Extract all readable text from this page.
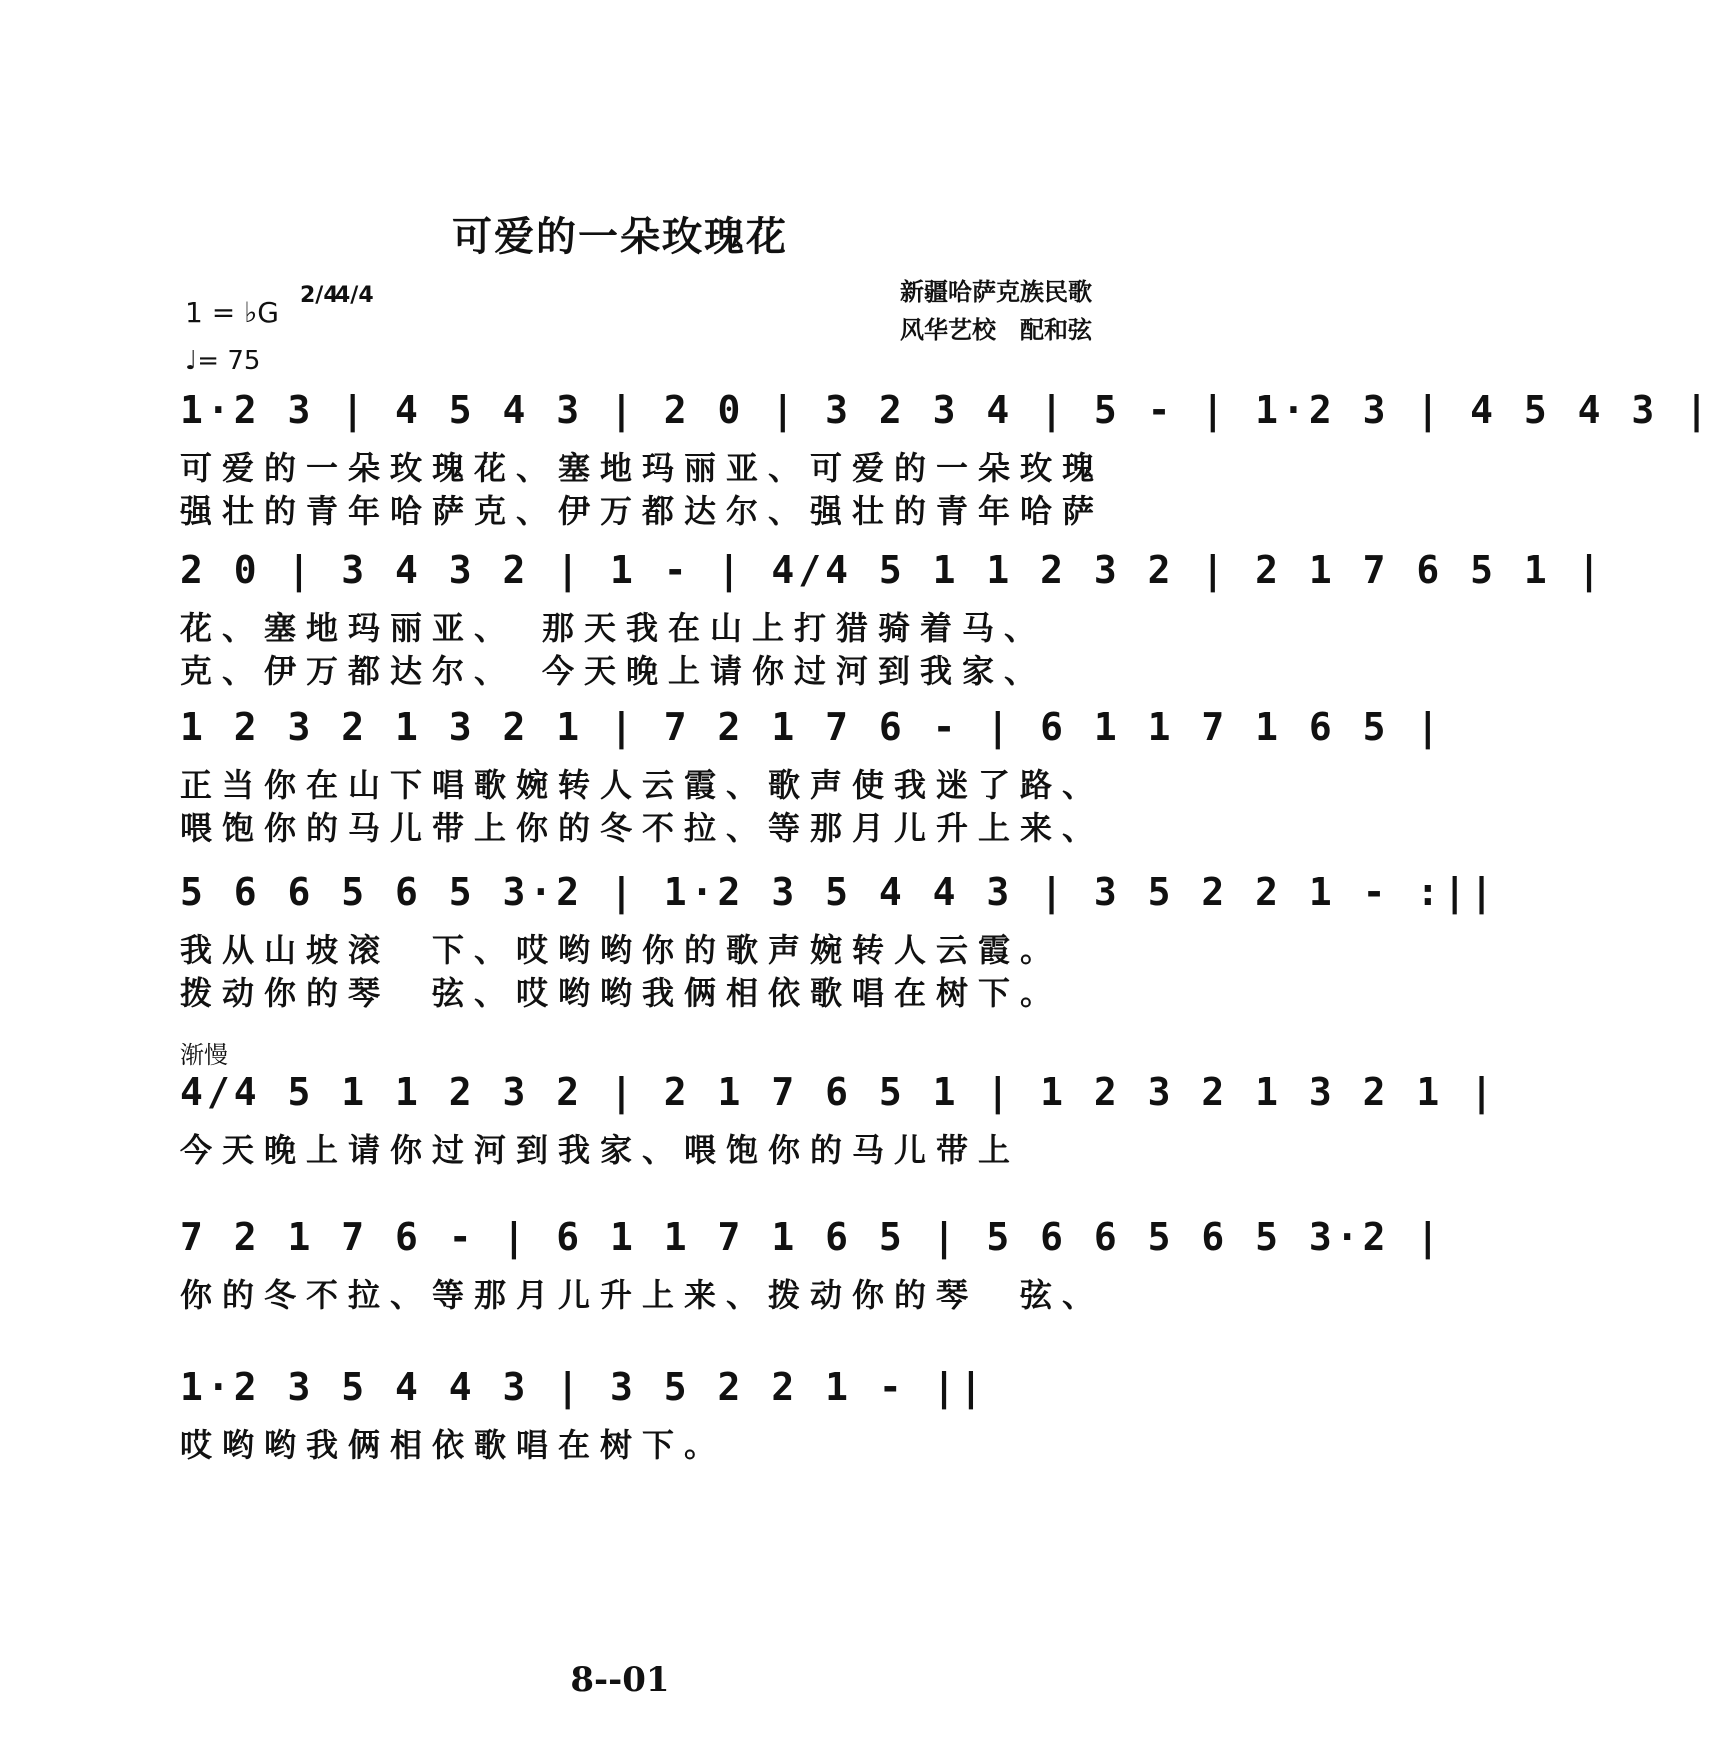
可爱的一朵玫瑰花
1 = ♭G
2/4
4/4
♩= 75
新疆哈萨克族民歌
风华艺校　配和弦
1·2 3 | 4 5 4 3 | 2 0 | 3 2 3 4 | 5 - | 1·2 3 | 4 5 4 3 |
可爱的一朵玫瑰花、塞地玛丽亚、可爱的一朵玫瑰
强壮的青年哈萨克、伊万都达尔、强壮的青年哈萨
2 0 | 3 4 3 2 | 1 - | 4/4 5 1 1 2 3 2 | 2 1 7 6 5 1 |
花、塞地玛丽亚、　那天我在山上打猎骑着马、
克、伊万都达尔、　今天晚上请你过河到我家、
1 2 3 2 1 3 2 1 | 7 2 1 7 6 - | 6 1 1 7 1 6 5 |
正当你在山下唱歌婉转人云霞、歌声使我迷了路、
喂饱你的马儿带上你的冬不拉、等那月儿升上来、
5 6 6 5 6 5 3·2 | 1·2 3 5 4 4 3 | 3 5 2 2 1 - :||
我从山坡滚　下、哎哟哟你的歌声婉转人云霞。
拨动你的琴　弦、哎哟哟我俩相依歌唱在树下。
渐慢
4/4 5 1 1 2 3 2 | 2 1 7 6 5 1 | 1 2 3 2 1 3 2 1 |
今天晚上请你过河到我家、喂饱你的马儿带上
7 2 1 7 6 - | 6 1 1 7 1 6 5 | 5 6 6 5 6 5 3·2 |
你的冬不拉、等那月儿升上来、拨动你的琴　弦、
1·2 3 5 4 4 3 | 3 5 2 2 1 - ||
哎哟哟我俩相依歌唱在树下。
8--01
